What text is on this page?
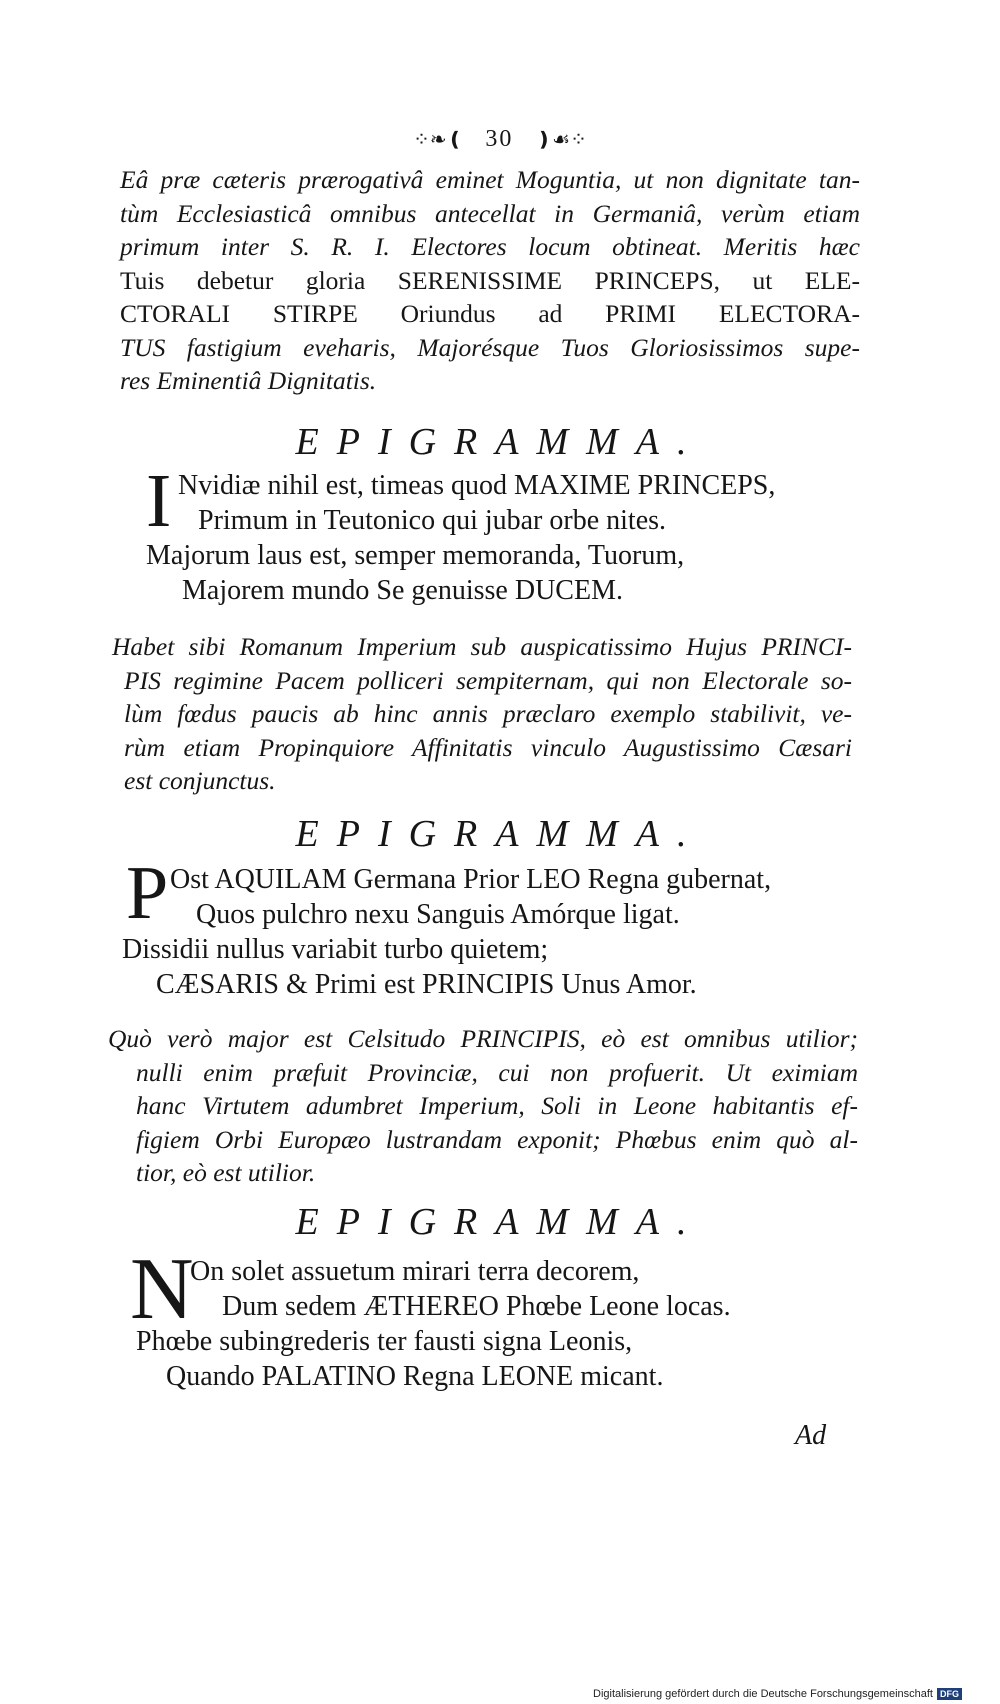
⁘❧❪ 30 ❫☙⁘
Eâ præ cæteris prærogativâ eminet Moguntia, ut non dignitate tan-
tùm Ecclesiasticâ omnibus antecellat in Germaniâ, verùm etiam
primum inter S. R. I. Electores locum obtineat. Meritis hæc
Tuis debetur gloria SERENISSIME PRINCEPS, ut ELE-
CTORALI STIRPE Oriundus ad PRIMI ELECTORA-
TUS fastigium eveharis, Majorésque Tuos Gloriosissimos supe-
res Eminentiâ Dignitatis.
EPIGRAMMA.
I Nvidiæ nihil est, timeas quod MAXIME PRINCEPS,
Primum in Teutonico qui jubar orbe nites.
Majorum laus est, semper memoranda, Tuorum,
Majorem mundo Se genuisse DUCEM.
Habet sibi Romanum Imperium sub auspicatissimo Hujus PRINCI-
PIS regimine Pacem polliceri sempiternam, qui non Electorale so-
lùm fœdus paucis ab hinc annis præclaro exemplo stabilivit, ve-
rùm etiam Propinquiore Affinitatis vinculo Augustissimo Cæsari
est conjunctus.
EPIGRAMMA.
P Ost AQUILAM Germana Prior LEO Regna gubernat,
Quos pulchro nexu Sanguis Amórque ligat.
Dissidii nullus variabit turbo quietem;
CÆSARIS & Primi est PRINCIPIS Unus Amor.
Quò verò major est Celsitudo PRINCIPIS, eò est omnibus utilior;
nulli enim præfuit Provinciæ, cui non profuerit. Ut eximiam
hanc Virtutem adumbret Imperium, Soli in Leone habitantis ef-
figiem Orbi Europæo lustrandam exponit; Phœbus enim quò al-
tior, eò est utilior.
EPIGRAMMA.
N
On solet assuetum mirari terra decorem,
Dum sedem ÆTHEREO Phœbe Leone locas.
Phœbe subingrederis ter fausti signa Leonis,
Quando PALATINO Regna LEONE micant.
Ad
Digitalisierung gefördert durch die Deutsche Forschungsgemeinschaft DFG
